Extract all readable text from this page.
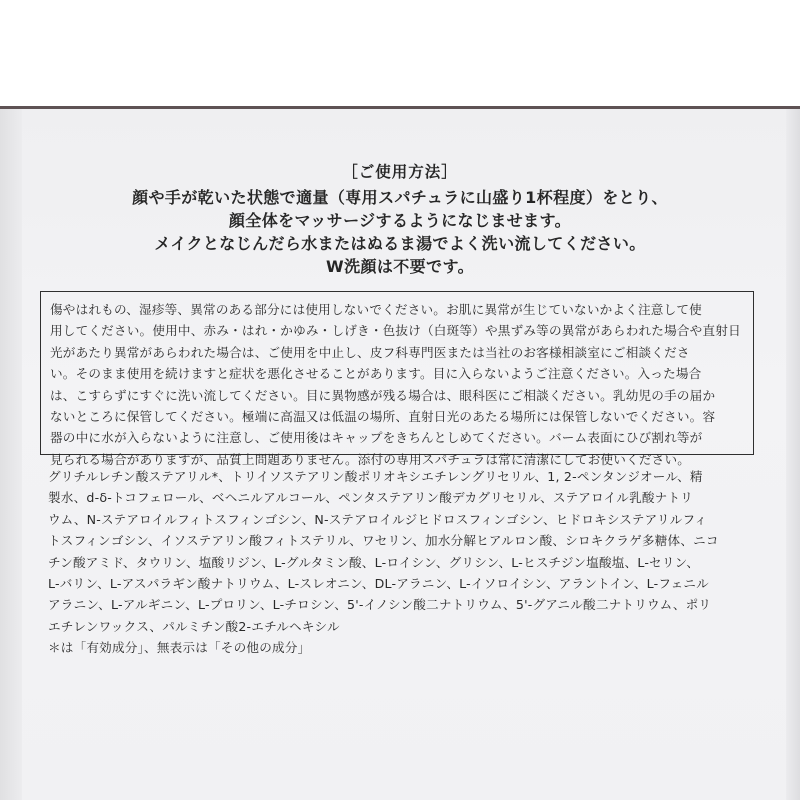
［ご使用方法］
顔や手が乾いた状態で適量（専用スパチュラに山盛り1杯程度）をとり、
顔全体をマッサージするようになじませます。
メイクとなじんだら水またはぬるま湯でよく洗い流してください。
W洗顔は不要です。
傷やはれもの、湿疹等、異常のある部分には使用しないでください。お肌に異常が生じていないかよく注意して使
用してください。使用中、赤み・はれ・かゆみ・しげき・色抜け（白斑等）や黒ずみ等の異常があらわれた場合や直射日
光があたり異常があらわれた場合は、ご使用を中止し、皮フ科専門医または当社のお客様相談室にご相談くださ
い。そのまま使用を続けますと症状を悪化させることがあります。目に入らないようご注意ください。入った場合
は、こすらずにすぐに洗い流してください。目に異物感が残る場合は、眼科医にご相談ください。乳幼児の手の届か
ないところに保管してください。極端に高温又は低温の場所、直射日光のあたる場所には保管しないでください。容
器の中に水が入らないように注意し、ご使用後はキャップをきちんとしめてください。バーム表面にひび割れ等が
見られる場合がありますが、品質上問題ありません。添付の専用スパチュラは常に清潔にしてお使いください。
グリチルレチン酸ステアリル*、トリイソステアリン酸ポリオキシエチレングリセリル、1, 2-ペンタンジオール、精
製水、d-δ-トコフェロール、ベヘニルアルコール、ペンタステアリン酸デカグリセリル、ステアロイル乳酸ナトリ
ウム、N-ステアロイルフィトスフィンゴシン、N-ステアロイルジヒドロスフィンゴシン、ヒドロキシステアリルフィ
トスフィンゴシン、イソステアリン酸フィトステリル、ワセリン、加水分解ヒアルロン酸、シロキクラゲ多糖体、ニコ
チン酸アミド、タウリン、塩酸リジン、L-グルタミン酸、L-ロイシン、グリシン、L-ヒスチジン塩酸塩、L-セリン、
L-バリン、L-アスパラギン酸ナトリウム、L-スレオニン、DL-アラニン、L-イソロイシン、アラントイン、L-フェニル
アラニン、L-アルギニン、L-プロリン、L-チロシン、5'-イノシン酸二ナトリウム、5'-グアニル酸二ナトリウム、ポリ
エチレンワックス、パルミチン酸2-エチルヘキシル
＊は「有効成分」、無表示は「その他の成分」
